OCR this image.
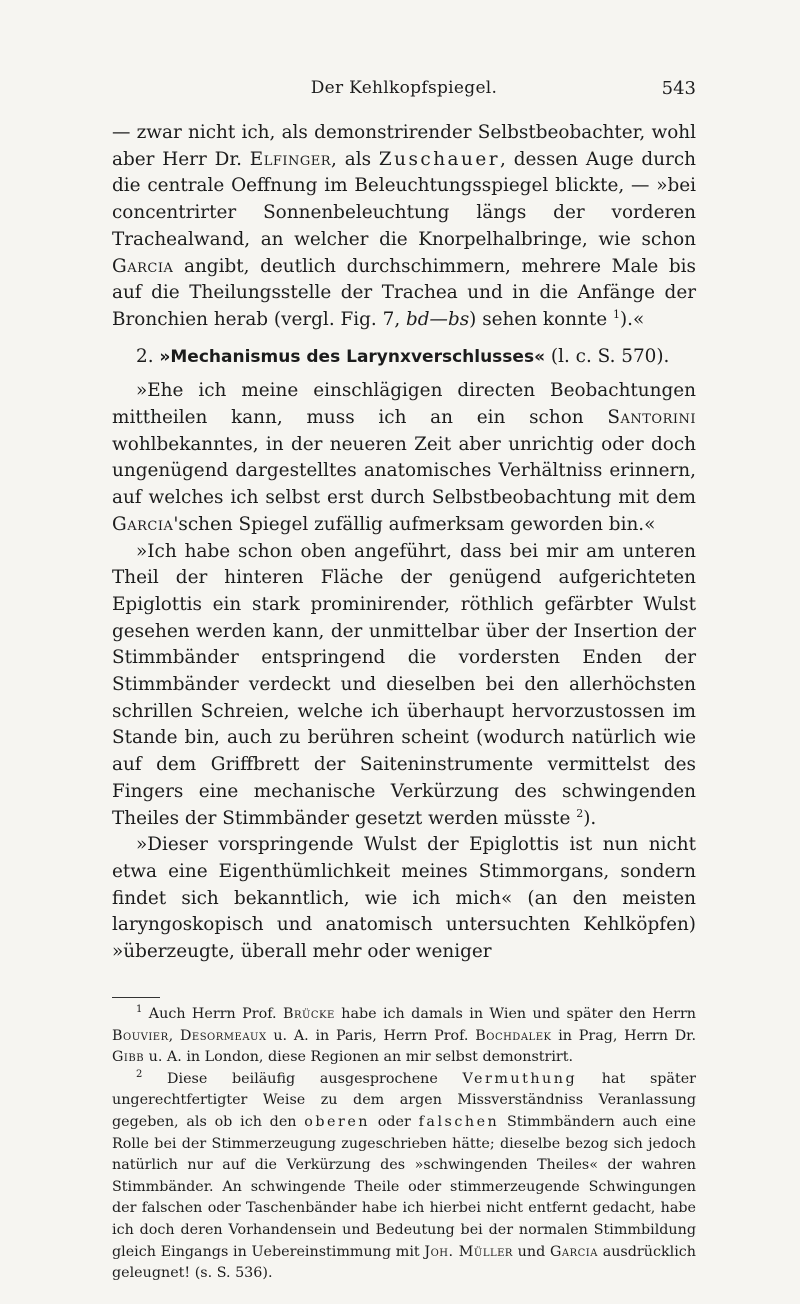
Der Kehlkopfspiegel.	543

— zwar nicht ich, als demonstrirender Selbstbeobachter, wohl aber Herr Dr. Elfinger, als Zuschauer, dessen Auge durch die centrale Oeffnung im Beleuchtungsspiegel blickte, — »bei concentrirter Sonnenbeleuchtung längs der vorderen Trachealwand, an welcher die Knorpelhalbringe, wie schon Garcia angibt, deutlich durchschimmern, mehrere Male bis auf die Theilungsstelle der Trachea und in die Anfänge der Bronchien herab (vergl. Fig. 7, bd—bs) sehen konnte $^1$).«

2. »Mechanismus des Larynxverschlusses« (l. c. S. 570).

»Ehe ich meine einschlägigen directen Beobachtungen mittheilen kann, muss ich an ein schon Santorini wohlbekanntes, in der neueren Zeit aber unrichtig oder doch ungenügend dargestelltes anatomisches Verhältniss erinnern, auf welches ich selbst erst durch Selbstbeobachtung mit dem Garcia'schen Spiegel zufällig aufmerksam geworden bin.«

»Ich habe schon oben angeführt, dass bei mir am unteren Theil der hinteren Fläche der genügend aufgerichteten Epiglottis ein stark prominirender, röthlich gefärbter Wulst gesehen werden kann, der unmittelbar über der Insertion der Stimmbänder entspringend die vordersten Enden der Stimmbänder verdeckt und dieselben bei den allerhöchsten schrillen Schreien, welche ich überhaupt hervorzustossen im Stande bin, auch zu berühren scheint (wodurch natürlich wie auf dem Griffbrett der Saiteninstrumente vermittelst des Fingers eine mechanische Verkürzung des schwingenden Theiles der Stimmbänder gesetzt werden müsste $^2$).

»Dieser vorspringende Wulst der Epiglottis ist nun nicht etwa eine Eigenthümlichkeit meines Stimmorgans, sondern findet sich bekanntlich, wie ich mich« (an den meisten laryngoskopisch und anatomisch untersuchten Kehlköpfen) »überzeugte, überall mehr oder weniger

$^1$ Auch Herrn Prof. Brücke habe ich damals in Wien und später den Herrn Bouvier, Desormeaux u. A. in Paris, Herrn Prof. Bochdalek in Prag, Herrn Dr. Gibb u. A. in London, diese Regionen an mir selbst demonstrirt.

$^2$ Diese beiläufig ausgesprochene Vermuthung hat später ungerechtfertigter Weise zu dem argen Missverständniss Veranlassung gegeben, als ob ich den oberen oder falschen Stimmbändern auch eine Rolle bei der Stimmerzeugung zugeschrieben hätte; dieselbe bezog sich jedoch natürlich nur auf die Verkürzung des »schwingenden Theiles« der wahren Stimmbänder. An schwingende Theile oder stimmerzeugende Schwingungen der falschen oder Taschenbänder habe ich hierbei nicht entfernt gedacht, habe ich doch deren Vorhandensein und Bedeutung bei der normalen Stimmbildung gleich Eingangs in Uebereinstimmung mit Joh. Müller und Garcia ausdrücklich geleugnet! (s. S. 536).
